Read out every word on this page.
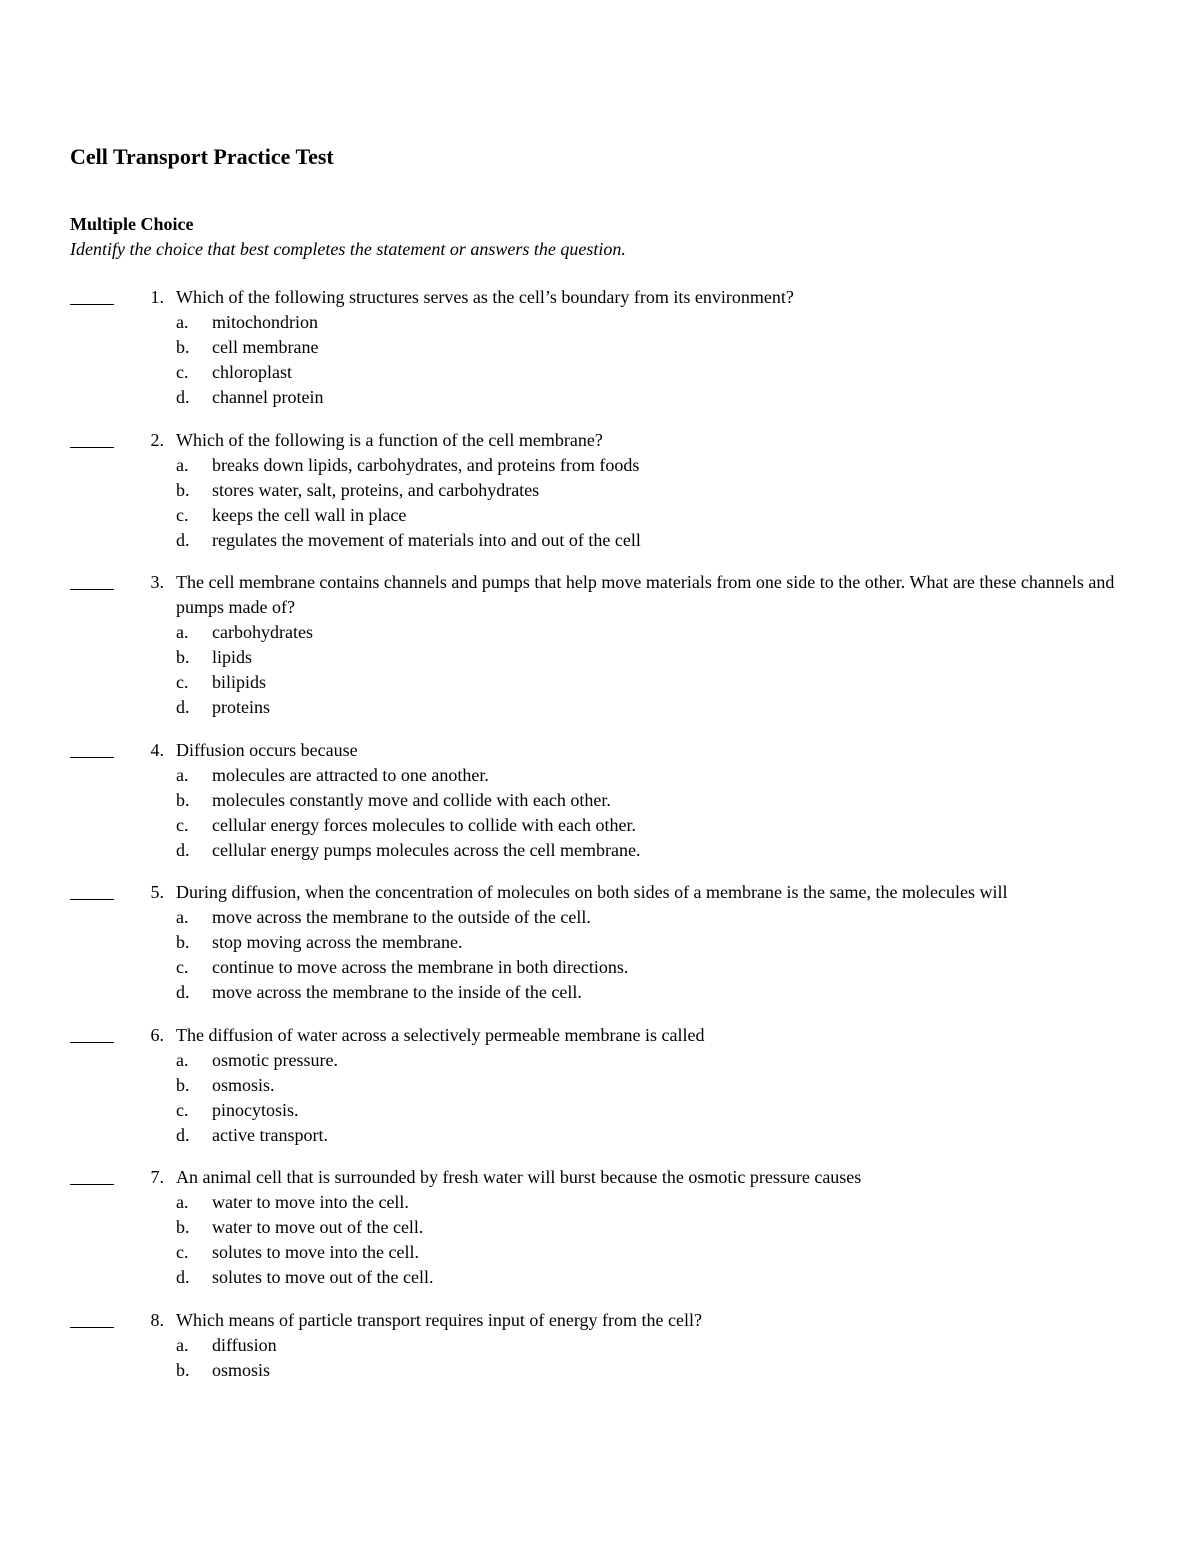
Cell Transport Practice Test
Multiple Choice
Identify the choice that best completes the statement or answers the question.
1. Which of the following structures serves as the cell’s boundary from its environment?
a. mitochondrion
b. cell membrane
c. chloroplast
d. channel protein
2. Which of the following is a function of the cell membrane?
a. breaks down lipids, carbohydrates, and proteins from foods
b. stores water, salt, proteins, and carbohydrates
c. keeps the cell wall in place
d. regulates the movement of materials into and out of the cell
3. The cell membrane contains channels and pumps that help move materials from one side to the other. What are these channels and pumps made of?
a. carbohydrates
b. lipids
c. bilipids
d. proteins
4. Diffusion occurs because
a. molecules are attracted to one another.
b. molecules constantly move and collide with each other.
c. cellular energy forces molecules to collide with each other.
d. cellular energy pumps molecules across the cell membrane.
5. During diffusion, when the concentration of molecules on both sides of a membrane is the same, the molecules will
a. move across the membrane to the outside of the cell.
b. stop moving across the membrane.
c. continue to move across the membrane in both directions.
d. move across the membrane to the inside of the cell.
6. The diffusion of water across a selectively permeable membrane is called
a. osmotic pressure.
b. osmosis.
c. pinocytosis.
d. active transport.
7. An animal cell that is surrounded by fresh water will burst because the osmotic pressure causes
a. water to move into the cell.
b. water to move out of the cell.
c. solutes to move into the cell.
d. solutes to move out of the cell.
8. Which means of particle transport requires input of energy from the cell?
a. diffusion
b. osmosis
